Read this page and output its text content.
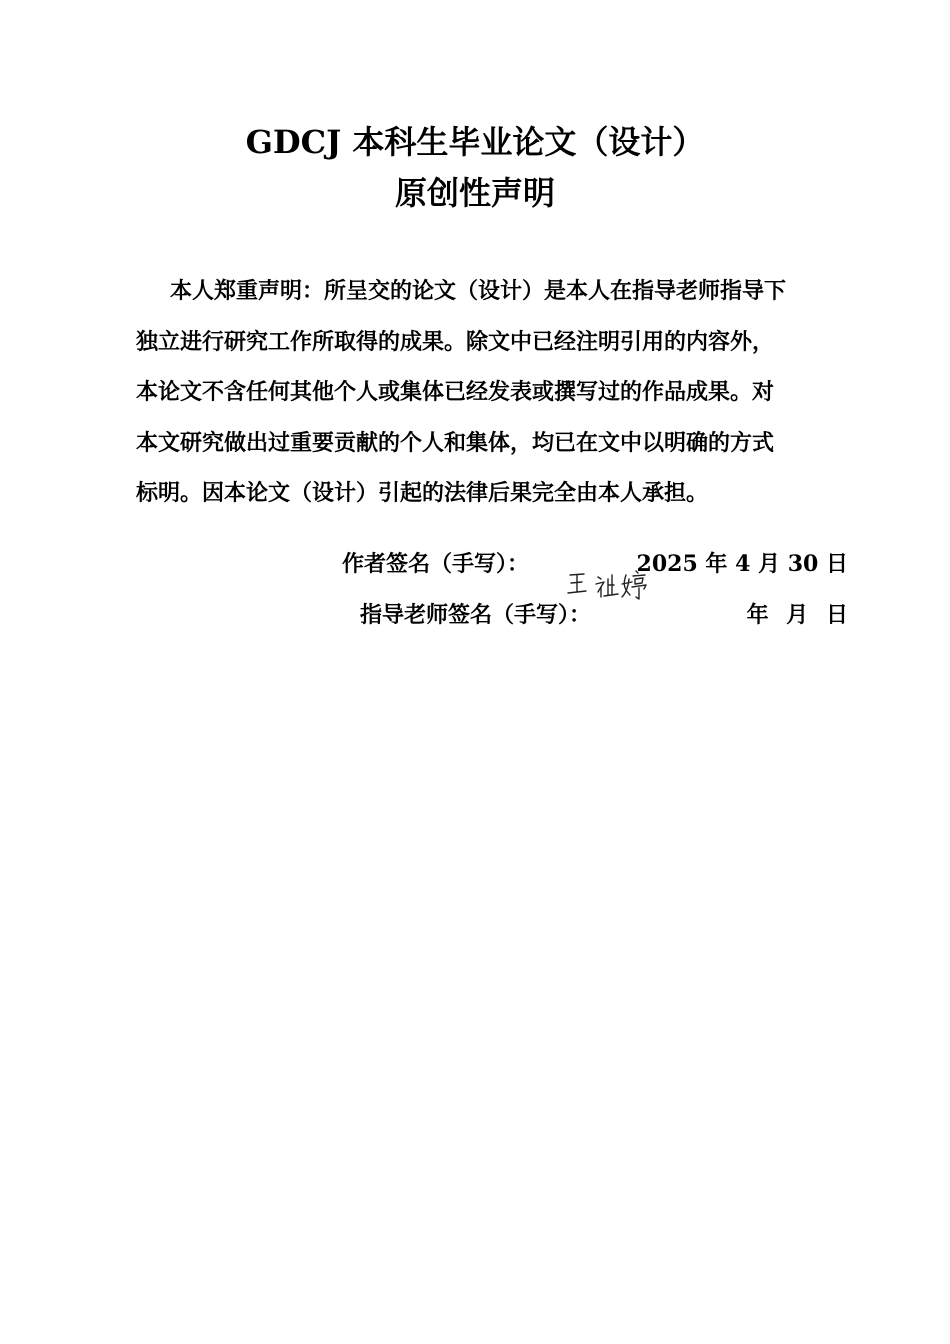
GDCJ 本科生毕业论文（设计）
原创性声明
本人郑重声明：所呈交的论文（设计）是本人在指导老师指导下
独立进行研究工作所取得的成果。除文中已经注明引用的内容外，
本论文不含任何其他个人或集体已经发表或撰写过的作品成果。对
本文研究做出过重要贡献的个人和集体，均已在文中以明确的方式
标明。因本论文（设计）引起的法律后果完全由本人承担。
作者签名（手写）：	2025 年 4 月 30 日
指导老师签名（手写）：	年 月 日
